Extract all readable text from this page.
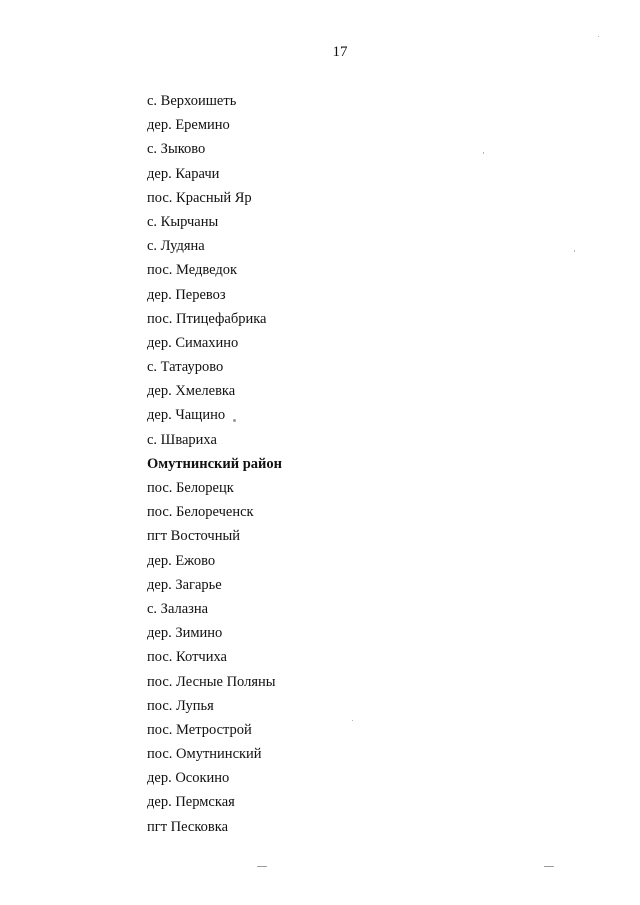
17
с. Верхоишеть
дер. Еремино
с. Зыково
дер. Карачи
пос. Красный Яр
с. Кырчаны
с. Лудяна
пос. Медведок
дер. Перевоз
пос. Птицефабрика
дер. Симахино
с. Татаурово
дер. Хмелевка
дер. Чащино
с. Швариха
Омутнинский район
пос. Белорецк
пос. Белореченск
пгт Восточный
дер. Ежово
дер. Загарье
с. Залазна
дер. Зимино
пос. Котчиха
пос. Лесные Поляны
пос. Лупья
пос. Метрострой
пос. Омутнинский
дер. Осокино
дер. Пермская
пгт Песковка
